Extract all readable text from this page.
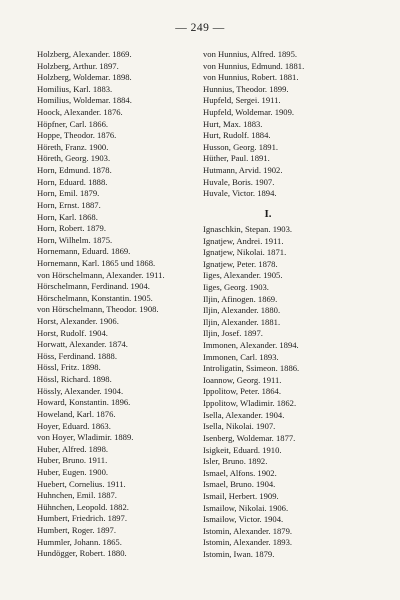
— 249 —
Holzberg, Alexander. 1869.
Holzberg, Arthur. 1897.
Holzberg, Woldemar. 1898.
Homilius, Karl. 1883.
Homilius, Woldemar. 1884.
Hoock, Alexander. 1876.
Höpfner, Carl. 1866.
Hoppe, Theodor. 1876.
Höreth, Franz. 1900.
Höreth, Georg. 1903.
Horn, Edmund. 1878.
Horn, Eduard. 1888.
Horn, Emil. 1879.
Horn, Ernst. 1887.
Horn, Karl. 1868.
Horn, Robert. 1879.
Horn, Wilhelm. 1875.
Hornemann, Eduard. 1869.
Hornemann, Karl. 1865 und 1868.
von Hörschelmann, Alexander. 1911.
Hörschelmann, Ferdinand. 1904.
Hörschelmann, Konstantin. 1905.
von Hörschelmann, Theodor. 1908.
Horst, Alexander. 1906.
Horst, Rudolf. 1904.
Horwatt, Alexander. 1874.
Höss, Ferdinand. 1888.
Hössl, Fritz. 1898.
Hössl, Richard. 1898.
Hössly, Alexander. 1904.
Howard, Konstantin. 1896.
Howeland, Karl. 1876.
Hoyer, Eduard. 1863.
von Hoyer, Wladimir. 1889.
Huber, Alfred. 1898.
Huber, Bruno. 1911.
Huber, Eugen. 1900.
Huebert, Cornelius. 1911.
Huhnchen, Emil. 1887.
Hühnchen, Leopold. 1882.
Humbert, Friedrich. 1897.
Humbert, Roger. 1897.
Hummler, Johann. 1865.
Hundögger, Robert. 1880.
von Hunnius, Alfred. 1895.
von Hunnius, Edmund. 1881.
von Hunnius, Robert. 1881.
Hunnius, Theodor. 1899.
Hupfeld, Sergei. 1911.
Hupfeld, Woldemar. 1909.
Hurt, Max. 1883.
Hurt, Rudolf. 1884.
Husson, Georg. 1891.
Hüther, Paul. 1891.
Hutmann, Arvid. 1902.
Huvale, Boris. 1907.
Huvale, Victor. 1894.
I.
Ignaschkin, Stepan. 1903.
Ignatjew, Andrei. 1911.
Ignatjew, Nikolai. 1871.
Ignatjew, Peter. 1878.
Iiges, Alexander. 1905.
Iiges, Georg. 1903.
Iljin, Afinogen. 1869.
Iljin, Alexander. 1880.
Iljin, Alexander. 1881.
Iljin, Josef. 1897.
Immonen, Alexander. 1894.
Immonen, Carl. 1893.
Introligatin, Ssimeon. 1886.
Ioannow, Georg. 1911.
Ippolitow, Peter. 1864.
Ippolitow, Wladimir. 1862.
Isella, Alexander. 1904.
Isella, Nikolai. 1907.
Isenberg, Woldemar. 1877.
Isigkeit, Eduard. 1910.
Isler, Bruno. 1892.
Ismael, Alfons. 1902.
Ismael, Bruno. 1904.
Ismail, Herbert. 1909.
Ismailow, Nikolai. 1906.
Ismailow, Victor. 1904.
Istomin, Alexander. 1879.
Istomin, Alexander. 1893.
Istomin, Iwan. 1879.
